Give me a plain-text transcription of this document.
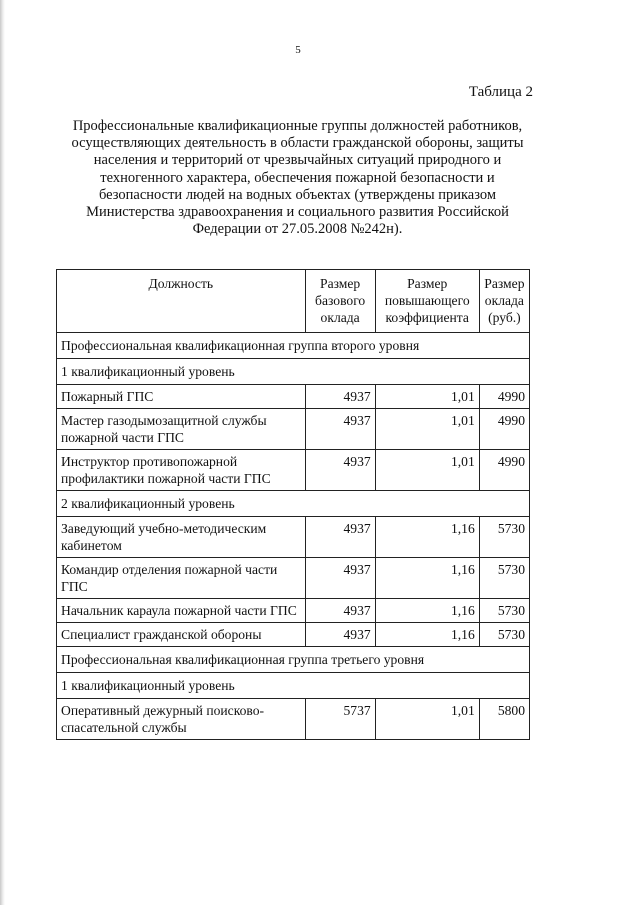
5
Таблица 2
Профессиональные квалификационные группы должностей работников, осуществляющих деятельность в области гражданской обороны, защиты населения и территорий от чрезвычайных ситуаций природного и техногенного характера, обеспечения пожарной безопасности и безопасности людей на водных объектах (утверждены приказом Министерства здравоохранения и социального развития Российской Федерации от 27.05.2008 №242н).
Должность	Размер базового оклада	Размер повышающего коэффициента	Размер оклада (руб.)
Профессиональная квалификационная группа второго уровня			
1 квалификационный уровень			
Пожарный ГПС	4937	1,01	4990
Мастер газодымозащитной службы пожарной части ГПС	4937	1,01	4990
Инструктор противопожарной профилактики пожарной части ГПС	4937	1,01	4990
2 квалификационный уровень			
Заведующий учебно-методическим кабинетом	4937	1,16	5730
Командир отделения пожарной части ГПС	4937	1,16	5730
Начальник караула пожарной части ГПС	4937	1,16	5730
Специалист гражданской обороны	4937	1,16	5730
Профессиональная квалификационная группа третьего уровня			
1 квалификационный уровень			
Оперативный дежурный поисково-спасательной службы	5737	1,01	5800
